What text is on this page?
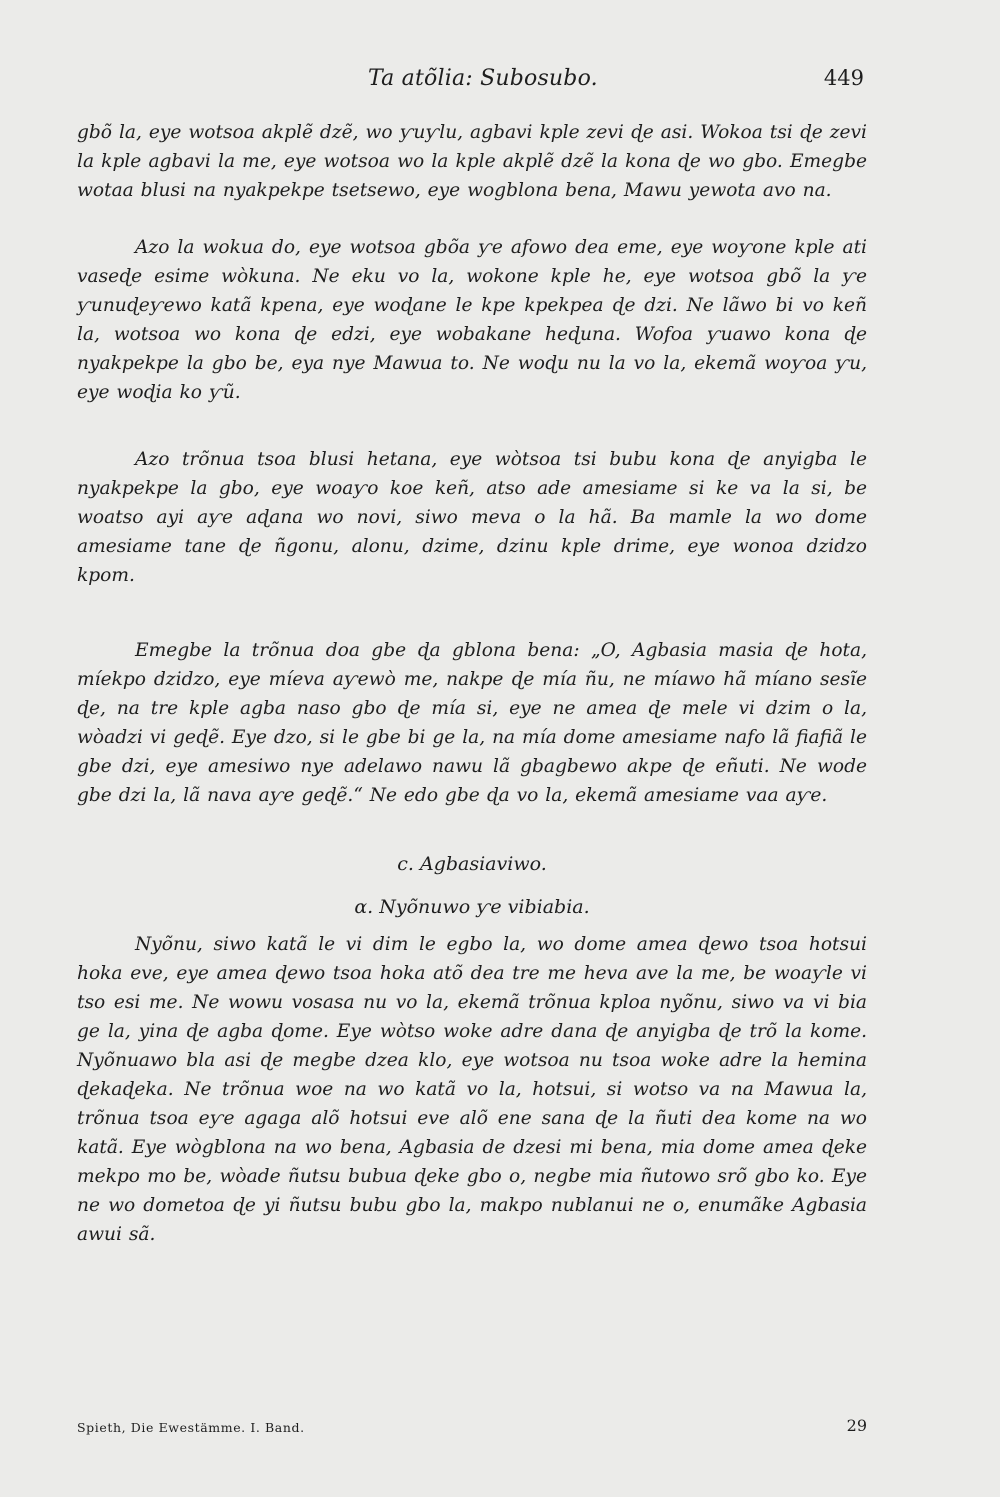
Ta atõlia: Subosubo.	449

gbõ la, eye wotsoa akplẽ dzẽ, wo ƴuƴlu, agbavi kple zevi ɖe asi. Wokoa tsi ɖe zevi la kple agbavi la me, eye wotsoa wo la kple akplẽ dzẽ la kona ɖe wo gbo. Emegbe wotaa blusi na nyakpekpe tsetsewo, eye wogblona bena, Mawu yewota avo na.

Azo la wokua do, eye wotsoa gbõa ƴe afowo dea eme, eye woƴone kple ati vaseɖe esime wòkuna. Ne eku vo la, wokone kple he, eye wotsoa gbõ la ƴe ƴunuɖeƴewo katã kpena, eye woɖane le kpe kpekpea ɖe dzi. Ne lãwo bi vo keñ la, wotsoa wo kona ɖe edzi, eye wobakane heɖuna. Wofoa ƴuawo kona ɖe nyakpekpe la gbo be, eya nye Mawua to. Ne woɖu nu la vo la, ekemã woƴoa ƴu, eye woɖia ko ƴũ.

Azo trõnua tsoa blusi hetana, eye wòtsoa tsi bubu kona ɖe anyigba le nyakpekpe la gbo, eye woaƴo koe keñ, atso ade amesiame si ke va la si, be woatso ayi aƴe aɖana wo novi, siwo meva o la hã. Ba mamle la wo dome amesiame tane ɖe ñgonu, alonu, dzime, dzinu kple drime, eye wonoa dzidzo kpom.

Emegbe la trõnua doa gbe ɖa gblona bena: „O, Agbasia masia ɖe hota, míekpo dzidzo, eye míeva aƴewò me, nakpe ɖe mía ñu, ne míawo hã míano sesĩe ɖe, na tre kple agba naso gbo ɖe mía si, eye ne amea ɖe mele vi dzim o la, wòadzi vi geɖẽ. Eye dzo, si le gbe bi ge la, na mía dome amesiame nafo lã fiafiã le gbe dzi, eye amesiwo nye adelawo nawu lã gbagbewo akpe ɖe eñuti. Ne wode gbe dzi la, lã nava aƴe geɖẽ.“ Ne edo gbe ɖa vo la, ekemã amesiame vaa aƴe.

c. Agbasiaviwo.

α. Nyõnuwo ƴe vibiabia.

Nyõnu, siwo katã le vi dim le egbo la, wo dome amea ɖewo tsoa hotsui hoka eve, eye amea ɖewo tsoa hoka atõ dea tre me heva ave la me, be woaƴle vi tso esi me. Ne wowu vosasa nu vo la, ekemã trõnua kploa nyõnu, siwo va vi bia ge la, yina ɖe agba ɖome. Eye wòtso woke adre dana ɖe anyigba ɖe trõ la kome. Nyõnuawo bla asi ɖe megbe dzea klo, eye wotsoa nu tsoa woke adre la hemina ɖekaɖeka. Ne trõnua woe na wo katã vo la, hotsui, si wotso va na Mawua la, trõnua tsoa eƴe agaga alõ hotsui eve alõ ene sana ɖe la ñuti dea kome na wo katã. Eye wògblona na wo bena, Agbasia de dzesi mi bena, mia dome amea ɖeke mekpo mo be, wòade ñutsu bubua ɖeke gbo o, negbe mia ñutowo srõ gbo ko. Eye ne wo dometoa ɖe yi ñutsu bubu gbo la, makpo nublanui ne o, enumãke Agbasia awui sã.

Spieth, Die Ewestämme. I. Band.	29
